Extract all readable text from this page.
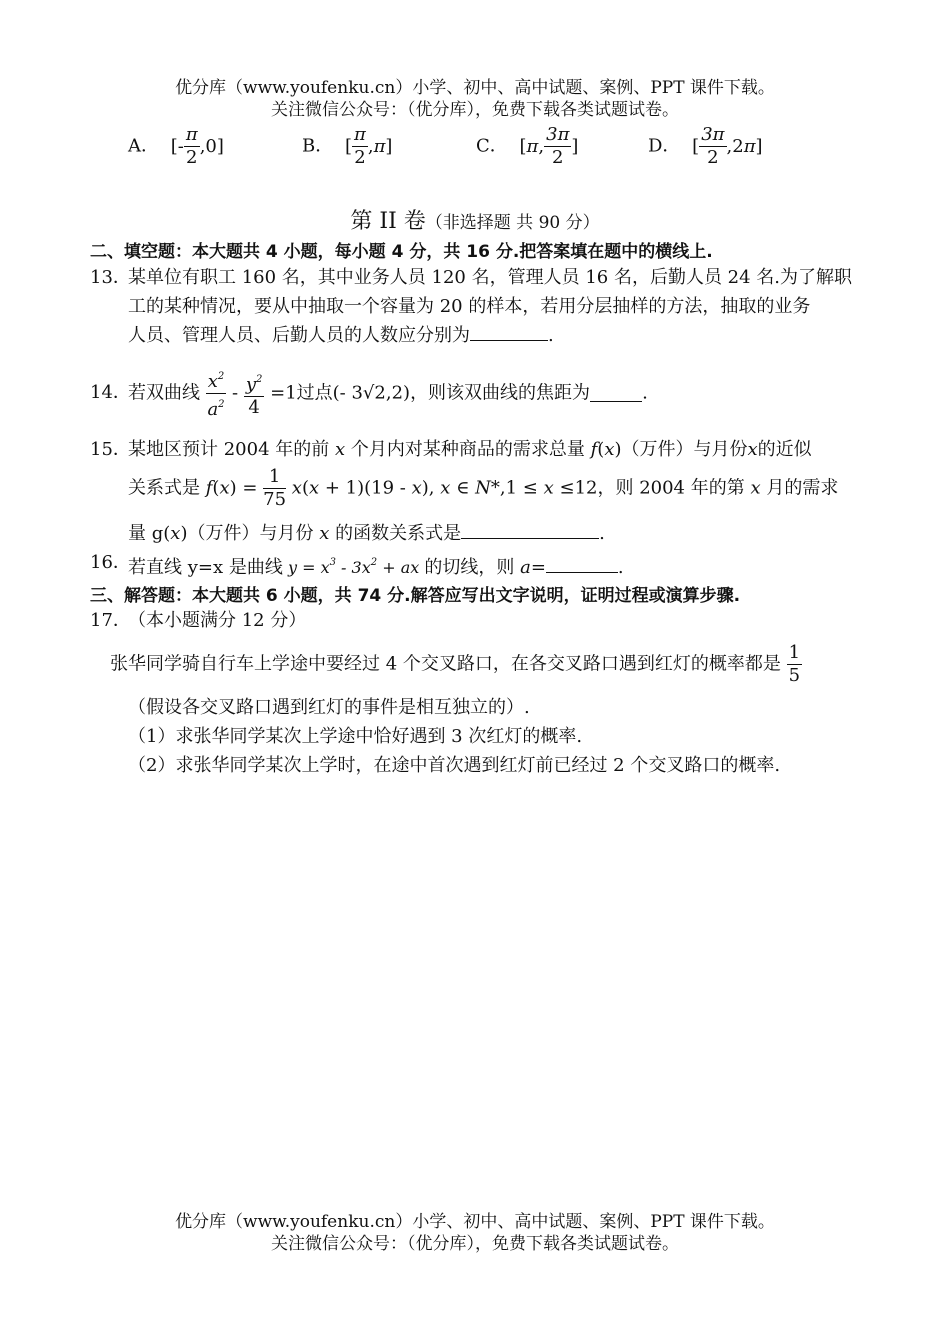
优分库（www.youfenku.cn）小学、初中、高中试题、案例、PPT 课件下载。
关注微信公众号：（优分库），免费下载各类试题试卷。
A． [- $\frac{\pi}{2} ,0$]	B． [ $\frac{\pi}{2} ,\pi$]	C． [π, $\frac{3\pi}{2}$ ]	D． [ $\frac{3\pi}{2} ,2\pi$]
第 II 卷（非选择题 共 90 分）
二、填空题：本大题共 4 小题，每小题 4 分，共 16 分.把答案填在题中的横线上.
13．
某单位有职工 160 名，其中业务人员 120 名，管理人员 16 名，后勤人员 24 名.为了解职
工的某种情况，要从中抽取一个容量为 20 的样本，若用分层抽样的方法，抽取的业务
人员、管理人员、后勤人员的人数应分别为	.
14．
若双曲线 $\frac{x^2}{a^2} - \frac{y^2}{4} =1$过点(- 3√2,2)，则该双曲线的焦距为	.
15．
某地区预计 2004 年的前 x 个月内对某种商品的需求总量 f(x)（万件）与月份x的近似
关系式是 $f(x) = \frac{1}{75} x(x + 1)(19 - x)$, x ∈ N*,1 ≤ x ≤12，则 2004 年的第 x 月的需求
量 g(x)（万件）与月份 x 的函数关系式是	.
16．
若直线 y=x 是曲线 $y = x^3 - 3x^2$ + ax 的切线，则 a=	.
三、解答题：本大题共 6 小题，共 74 分.解答应写出文字说明，证明过程或演算步骤.
17．
（本小题满分 12 分）
张华同学骑自行车上学途中要经过 4 个交叉路口，在各交叉路口遇到红灯的概率都是 $\frac{1}{5}$
（假设各交叉路口遇到红灯的事件是相互独立的）.
（1）求张华同学某次上学途中恰好遇到 3 次红灯的概率.
（2）求张华同学某次上学时，在途中首次遇到红灯前已经过 2 个交叉路口的概率.
优分库（www.youfenku.cn）小学、初中、高中试题、案例、PPT 课件下载。
关注微信公众号：（优分库），免费下载各类试题试卷。
